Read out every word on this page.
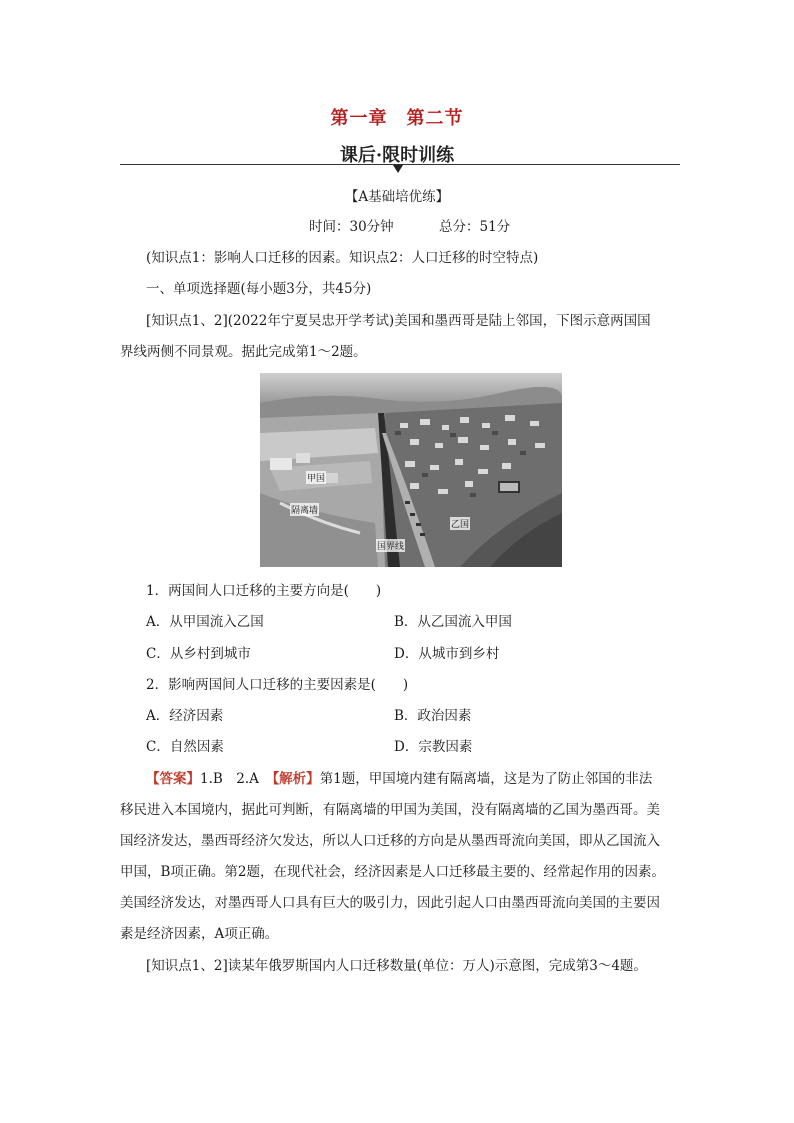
第一章　第二节
课后·限时训练
【A基础培优练】
时间：30分钟	总分：51分
(知识点1：影响人口迁移的因素。知识点2：人口迁移的时空特点)
一、单项选择题(每小题3分，共45分)
[知识点1、2](2022年宁夏吴忠开学考试)美国和墨西哥是陆上邻国，下图示意两国国
界线两侧不同景观。据此完成第1～2题。
甲国
隔离墙
乙国
国界线
1．两国间人口迁移的主要方向是(　　)
A．从甲国流入乙国	B．从乙国流入甲国
C．从乡村到城市	D．从城市到乡村
2．影响两国间人口迁移的主要因素是(　　)
A．经济因素	B．政治因素
C．自然因素	D．宗教因素
【答案】1.B　2.A　 【解析】第1题，甲国境内建有隔离墙，这是为了防止邻国的非法
移民进入本国境内，据此可判断，有隔离墙的甲国为美国，没有隔离墙的乙国为墨西哥。美
国经济发达，墨西哥经济欠发达，所以人口迁移的方向是从墨西哥流向美国，即从乙国流入
甲国，B项正确。第2题，在现代社会，经济因素是人口迁移最主要的、经常起作用的因素。
美国经济发达，对墨西哥人口具有巨大的吸引力，因此引起人口由墨西哥流向美国的主要因
素是经济因素，A项正确。
[知识点1、2]读某年俄罗斯国内人口迁移数量(单位：万人)示意图，完成第3～4题。
